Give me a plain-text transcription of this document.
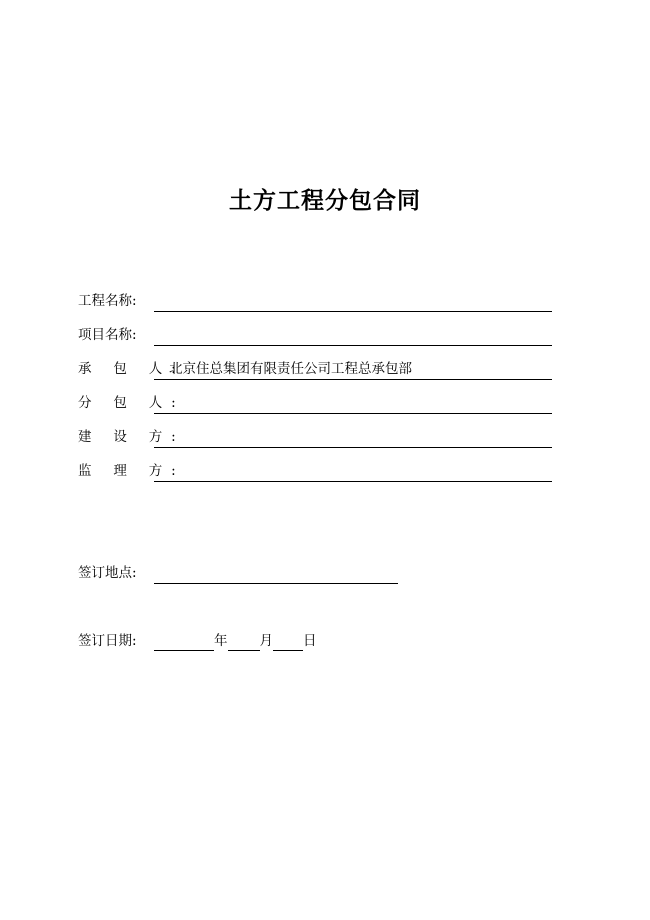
土方工程分包合同
工程名称:
项目名称:
承 包 人:
北京住总集团有限责任公司工程总承包部
分 包 人:
建 设 方:
监 理 方:
签订地点:
签订日期:	年 月 日
